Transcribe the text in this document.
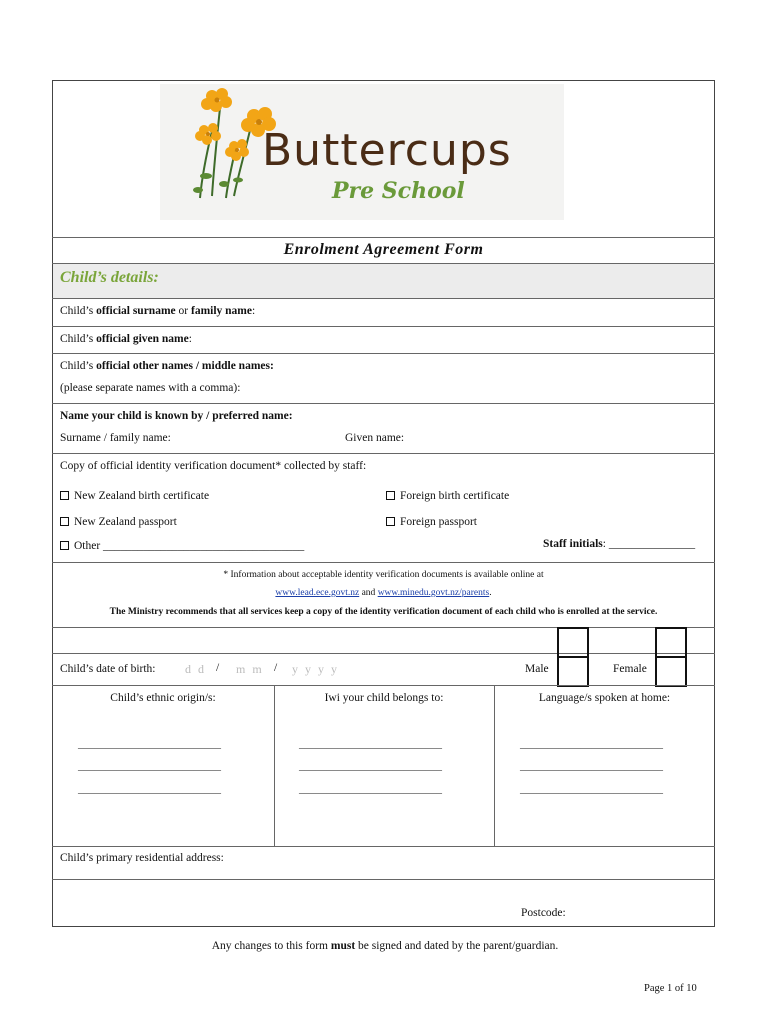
Buttercups
Pre School
Enrolment Agreement Form
Child’s details:
Child’s official surname or family name:
Child’s official given name:
Child’s official other names / middle names:
(please separate names with a comma):
Name your child is known by / preferred name:
Surname / family name:	Given name:
Copy of official identity verification document* collected by staff:
New Zealand birth certificate	Foreign birth certificate
New Zealand passport	Foreign passport
Other ___________________________________	Staff initials: _______________
* Information about acceptable identity verification documents is available online at
www.lead.ece.govt.nz and www.minedu.govt.nz/parents.
The Ministry recommends that all services keep a copy of the identity verification document of each child who is enrolled at the service.
Child’s date of birth: d d / m m / y y y y	Male	Female
Child’s ethnic origin/s:	Iwi your child belongs to:	Language/s spoken at home:
__________________________
__________________________
__________________________
__________________________
__________________________
__________________________
__________________________
__________________________
__________________________
Child’s primary residential address:
Postcode:
Any changes to this form must be signed and dated by the parent/guardian.
Page 1 of 10
